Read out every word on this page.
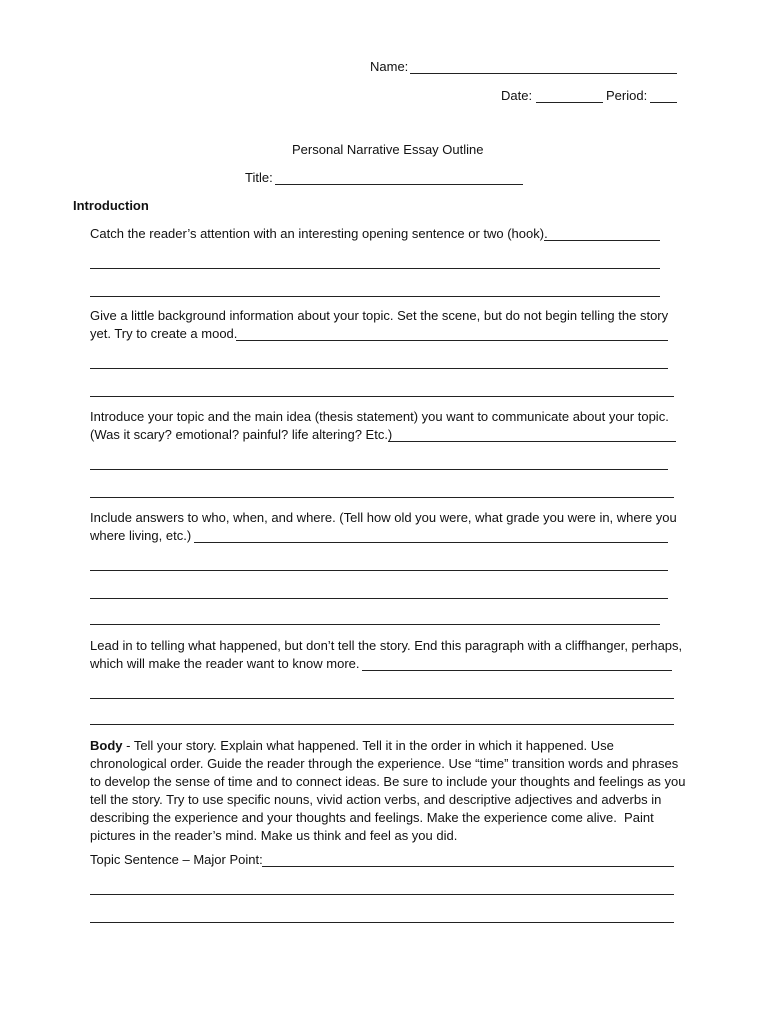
Name:
Date:	Period:
Personal Narrative Essay Outline
Title:
Introduction
Catch the reader’s attention with an interesting opening sentence or two (hook).
Give a little background information about your topic. Set the scene, but do not begin telling the story
yet. Try to create a mood.
Introduce your topic and the main idea (thesis statement) you want to communicate about your topic.
(Was it scary? emotional? painful? life altering? Etc.)
Include answers to who, when, and where. (Tell how old you were, what grade you were in, where you
where living, etc.)
Lead in to telling what happened, but don’t tell the story. End this paragraph with a cliffhanger, perhaps,
which will make the reader want to know more.
Body - Tell your story. Explain what happened. Tell it in the order in which it happened. Use
chronological order. Guide the reader through the experience. Use “time” transition words and phrases
to develop the sense of time and to connect ideas. Be sure to include your thoughts and feelings as you
tell the story. Try to use specific nouns, vivid action verbs, and descriptive adjectives and adverbs in
describing the experience and your thoughts and feelings. Make the experience come alive.  Paint
pictures in the reader’s mind. Make us think and feel as you did.
Topic Sentence – Major Point:
